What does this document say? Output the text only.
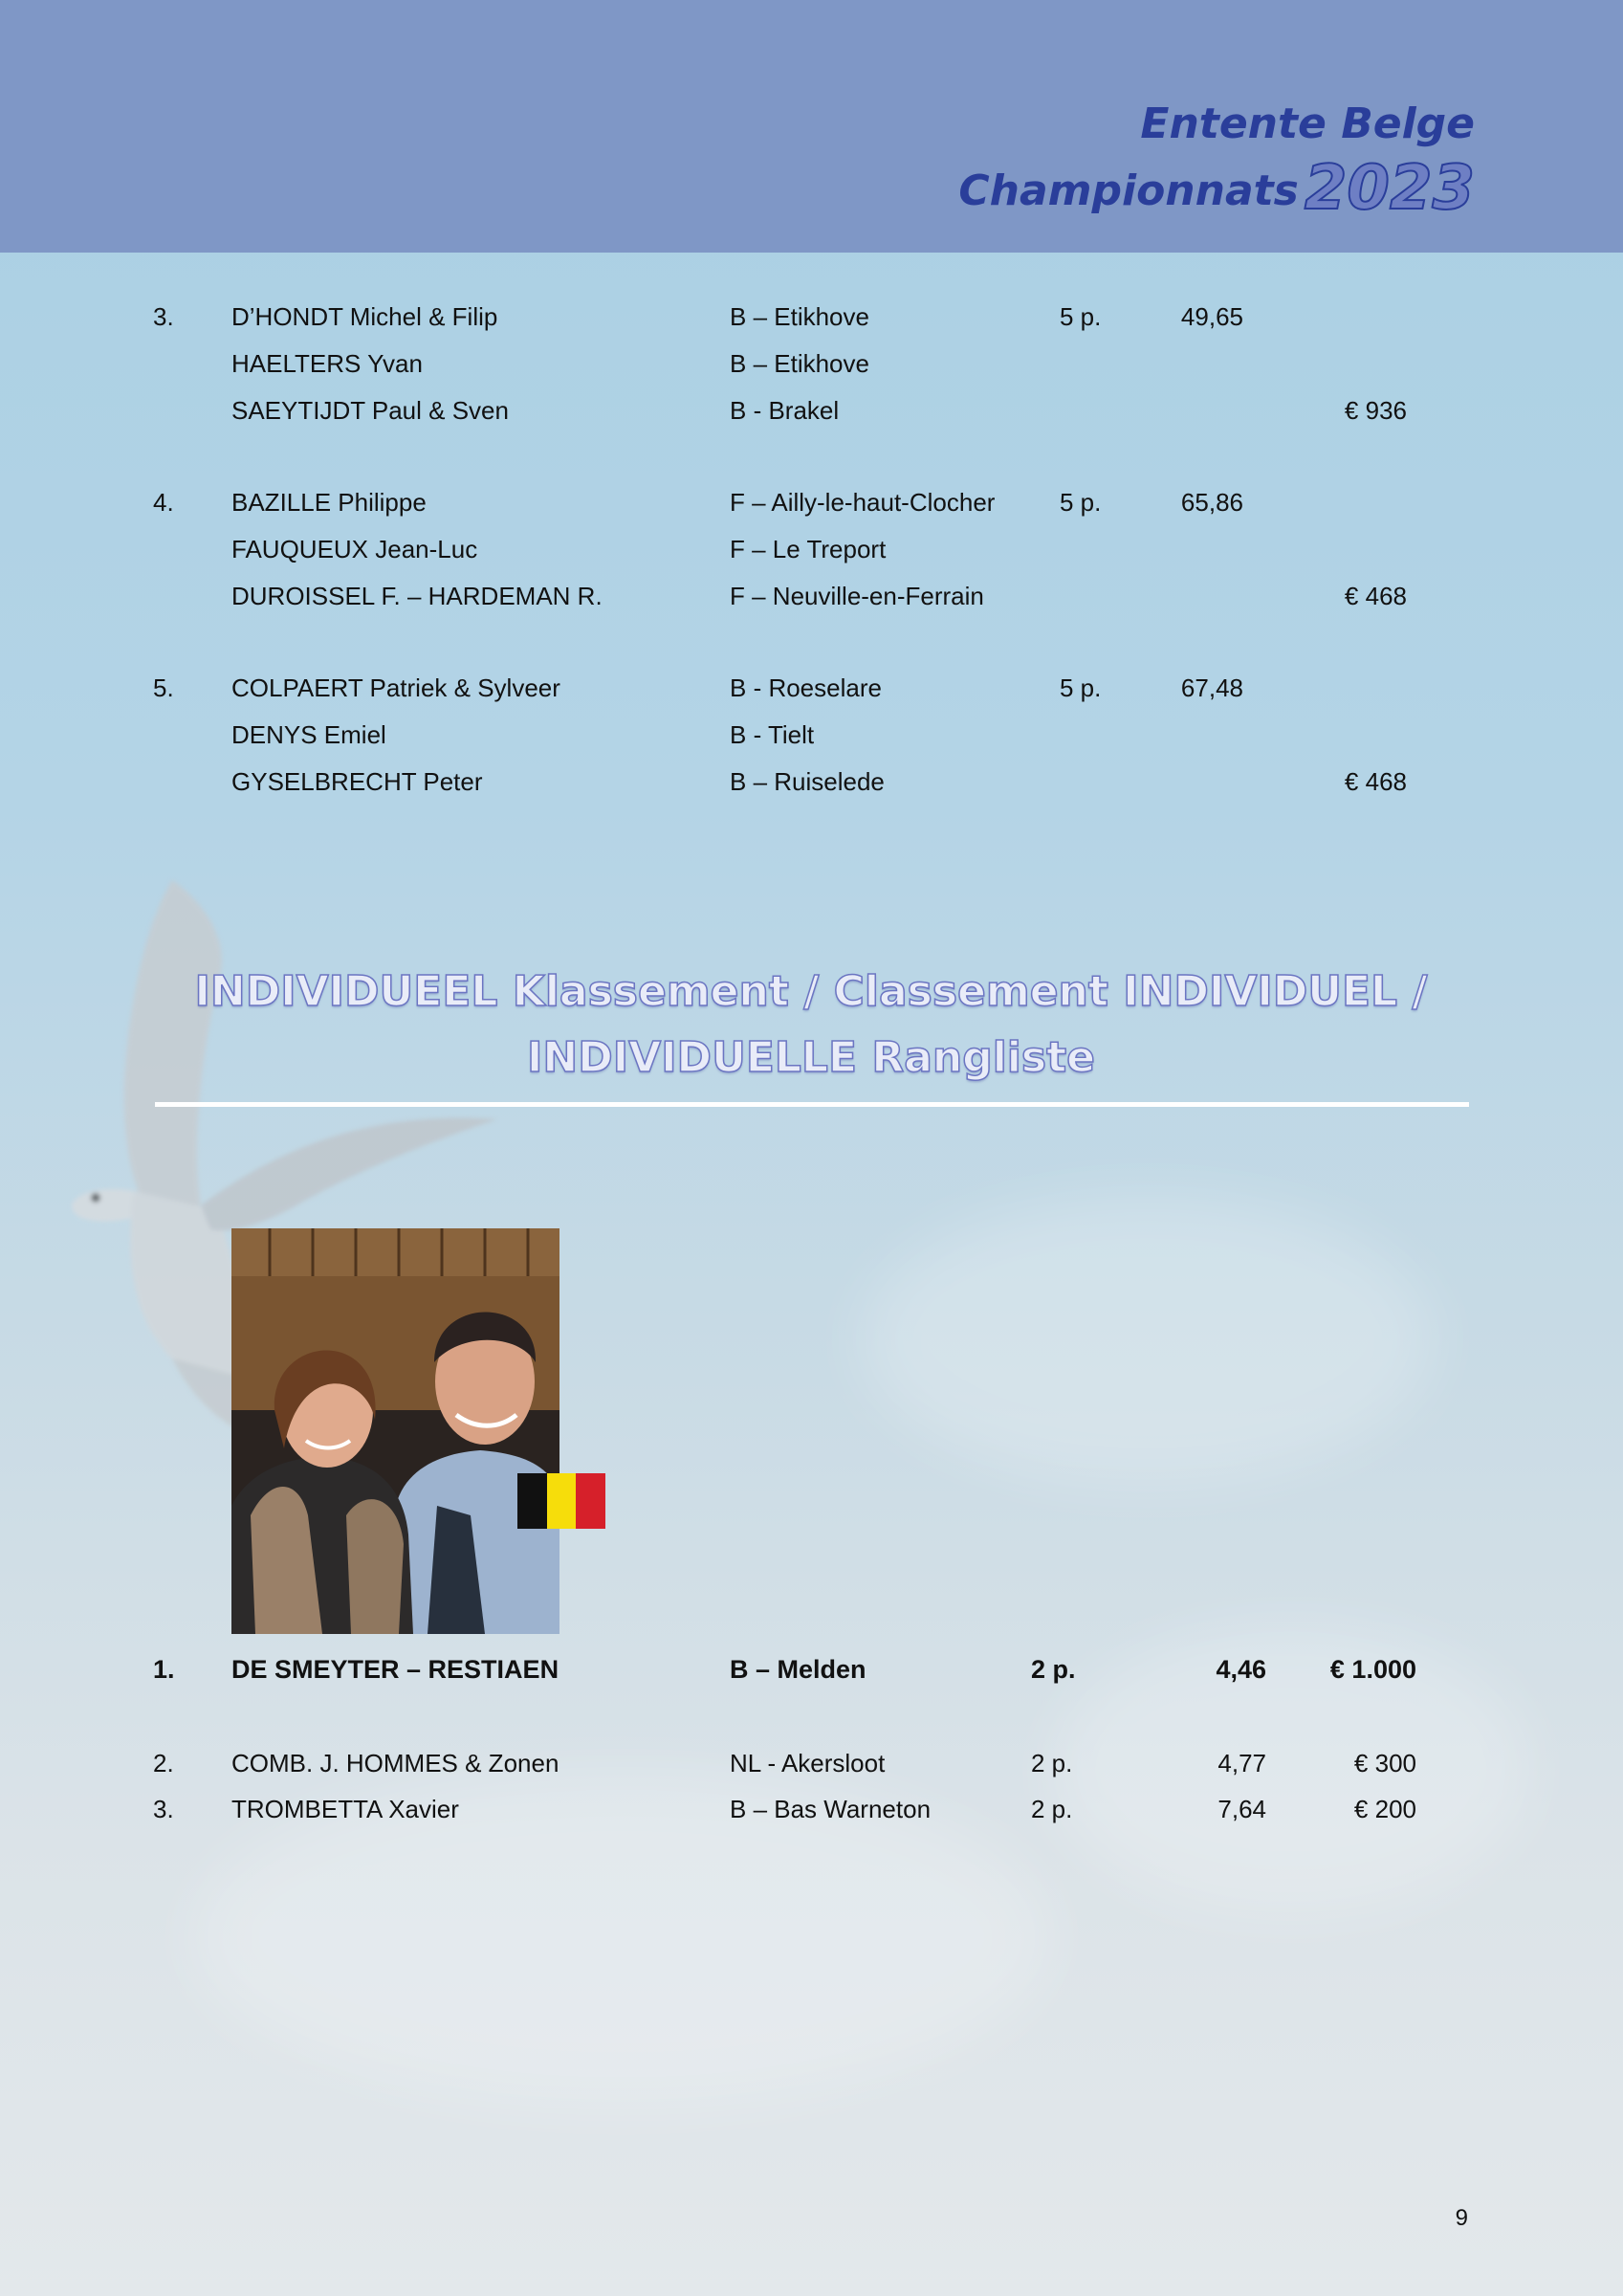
Entente Belge
Championnats2023
3. D’HONDT Michel & Filip	B – Etikhove	5 p.	49,65
HAELTERS Yvan	B – Etikhove
SAEYTIJDT Paul & Sven	B - Brakel	€ 936
4. BAZILLE Philippe	F – Ailly-le-haut-Clocher	5 p.	65,86
FAUQUEUX Jean-Luc	F – Le Treport
DUROISSEL F. – HARDEMAN R.	F – Neuville-en-Ferrain	€ 468
5. COLPAERT Patriek & Sylveer	B - Roeselare	5 p.	67,48
DENYS Emiel	B - Tielt
GYSELBRECHT Peter	B – Ruiselede	€ 468
INDIVIDUEEL Klassement / Classement INDIVIDUEL /
INDIVIDUELLE Rangliste
1. DE SMEYTER – RESTIAEN	B – Melden	2 p.	4,46 € 1.000
2. COMB. J. HOMMES & Zonen	NL - Akersloot	2 p.	4,77	€ 300
3. TROMBETTA Xavier	B – Bas Warneton	2 p.	7,64	€ 200
9
